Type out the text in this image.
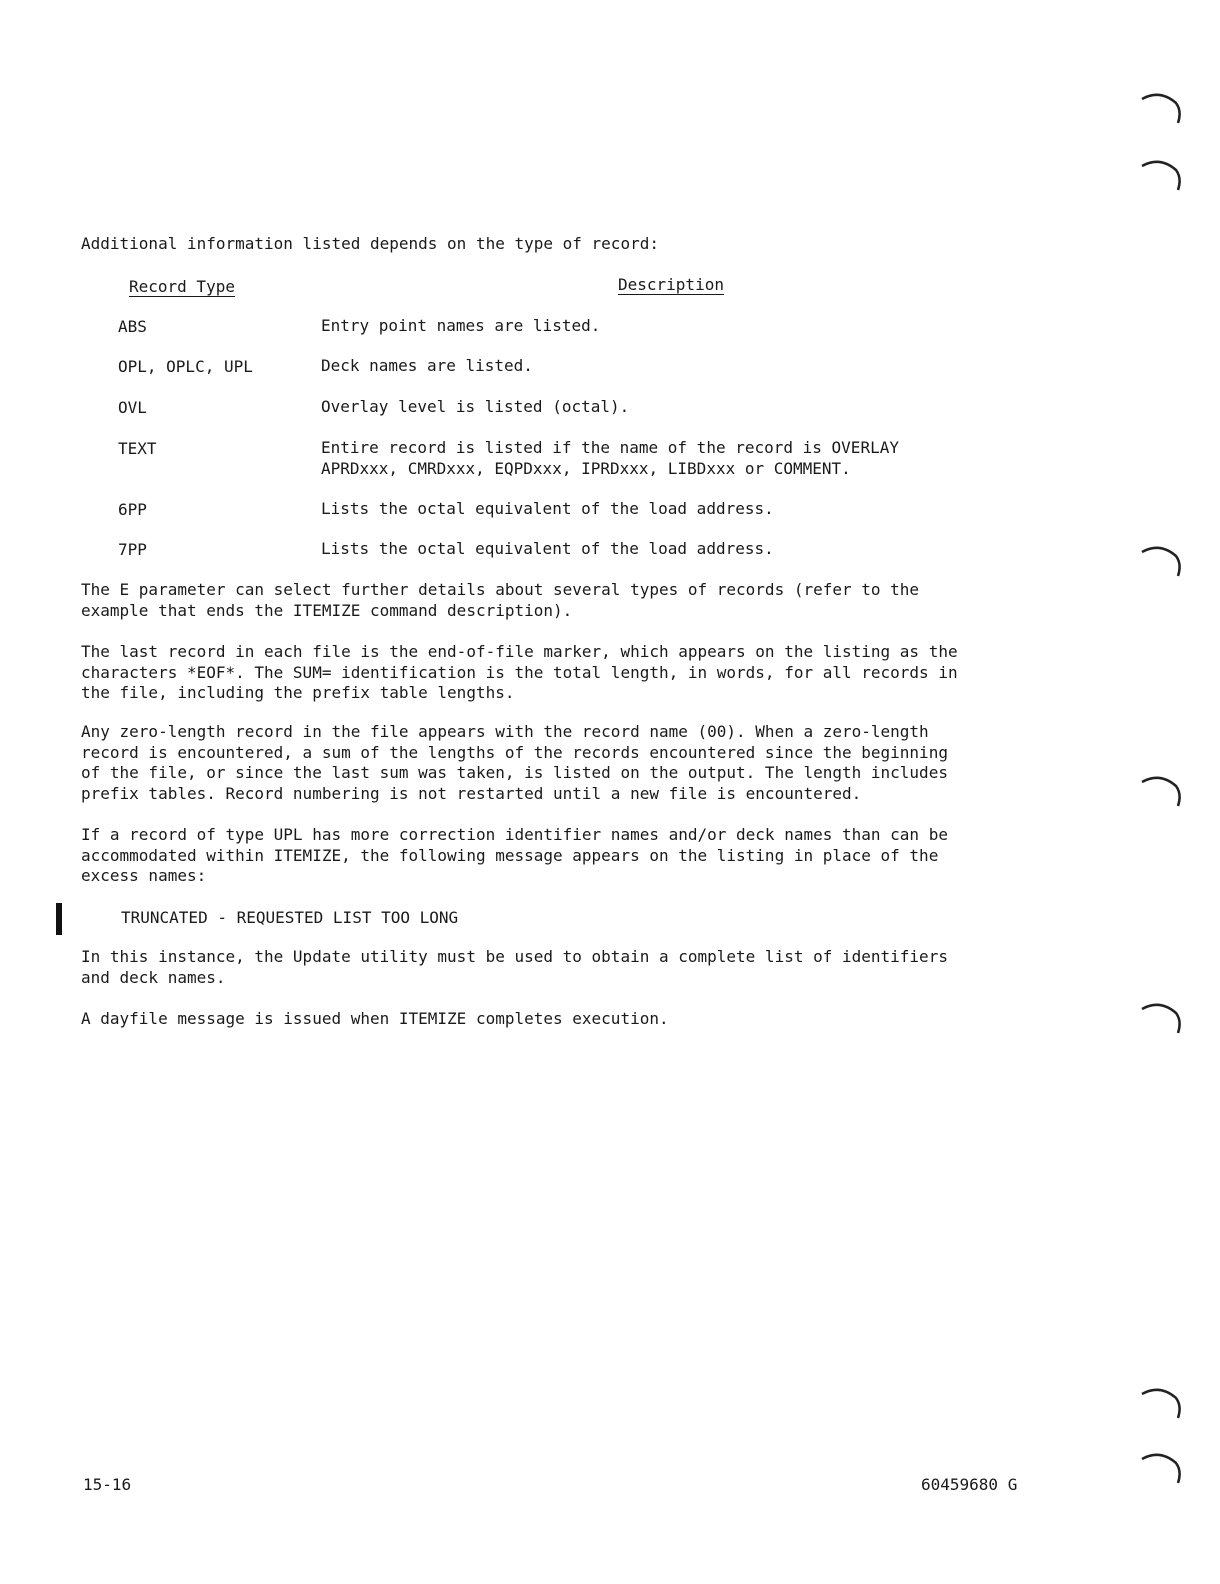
Additional information listed depends on the type of record:

Record Type	Description
ABS	Entry point names are listed.
OPL, OPLC, UPL	Deck names are listed.
OVL	Overlay level is listed (octal).
TEXT	Entire record is listed if the name of the record is OVERLAY
APRDxxx, CMRDxxx, EQPDxxx, IPRDxxx, LIBDxxx or COMMENT.
6PP	Lists the octal equivalent of the load address.
7PP	Lists the octal equivalent of the load address.

The E parameter can select further details about several types of records (refer to the
example that ends the ITEMIZE command description).

The last record in each file is the end-of-file marker, which appears on the listing as the
characters *EOF*. The SUM= identification is the total length, in words, for all records in
the file, including the prefix table lengths.

Any zero-length record in the file appears with the record name (00). When a zero-length
record is encountered, a sum of the lengths of the records encountered since the beginning
of the file, or since the last sum was taken, is listed on the output. The length includes
prefix tables. Record numbering is not restarted until a new file is encountered.

If a record of type UPL has more correction identifier names and/or deck names than can be
accommodated within ITEMIZE, the following message appears on the listing in place of the
excess names:

TRUNCATED - REQUESTED LIST TOO LONG

In this instance, the Update utility must be used to obtain a complete list of identifiers
and deck names.

A dayfile message is issued when ITEMIZE completes execution.

15-16	60459680 G
